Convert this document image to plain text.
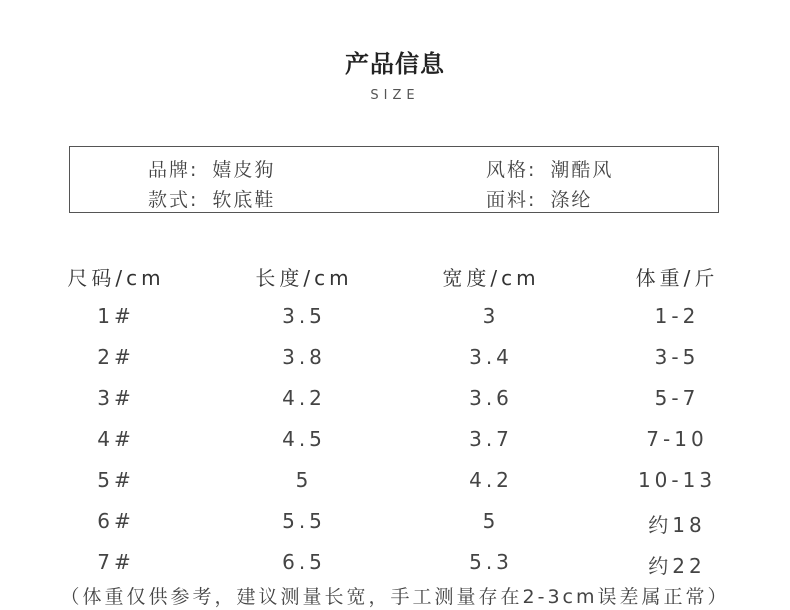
产品信息
SIZE
品牌: 嬉皮狗	风格: 潮酷风
款式: 软底鞋	面料: 涤纶
尺码/cm	长度/cm	宽度/cm	体重/斤
1#	3.5	3	1-2
2#	3.8	3.4	3-5
3#	4.2	3.6	5-7
4#	4.5	3.7	7-10
5#	5	4.2	10-13
6#	5.5	5	约18
7#	6.5	5.3	约22
（体重仅供参考，建议测量长宽，手工测量存在2-3cm误差属正常）
